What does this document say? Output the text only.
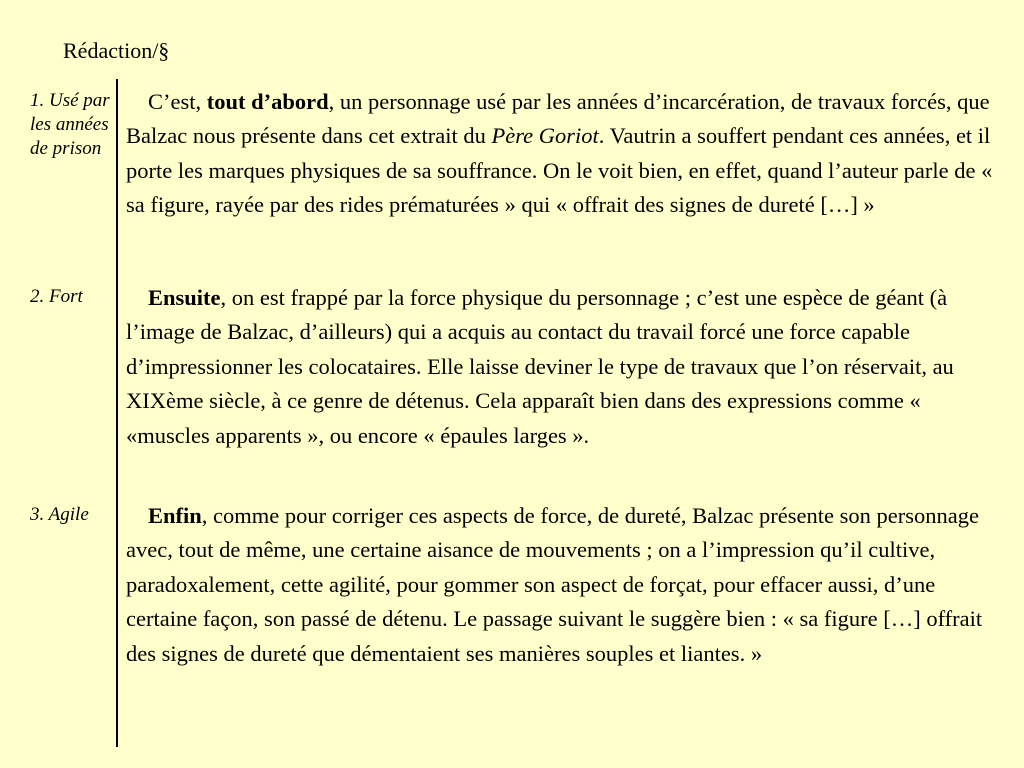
Rédaction/§
1. Usé par les années de prison
C’est, tout d’abord, un personnage usé par les années d’incarcération, de travaux forcés, que Balzac nous présente dans cet extrait du Père Goriot. Vautrin a souffert pendant ces années, et il porte les marques physiques de sa souffrance. On le voit bien, en effet, quand l’auteur parle de « sa figure, rayée par des rides prématurées » qui « offrait des signes de dureté […] »
2. Fort	Ensuite, on est frappé par la force physique du personnage ; c’est une espèce de géant (à l’image de Balzac, d’ailleurs) qui a acquis au contact du travail forcé une force capable d’impressionner les colocataires. Elle laisse deviner le type de travaux que l’on réservait, au XIXème siècle, à ce genre de détenus. Cela apparaît bien dans des expressions comme « «muscles apparents », ou encore « épaules larges ».
3. Agile	Enfin, comme pour corriger ces aspects de force, de dureté, Balzac présente son personnage avec, tout de même, une certaine aisance de mouvements ; on a l’impression qu’il cultive, paradoxalement, cette agilité, pour gommer son aspect de forçat, pour effacer aussi, d’une certaine façon, son passé de détenu. Le passage suivant le suggère bien : « sa figure […] offrait des signes de dureté que démentaient ses manières souples et liantes. »
